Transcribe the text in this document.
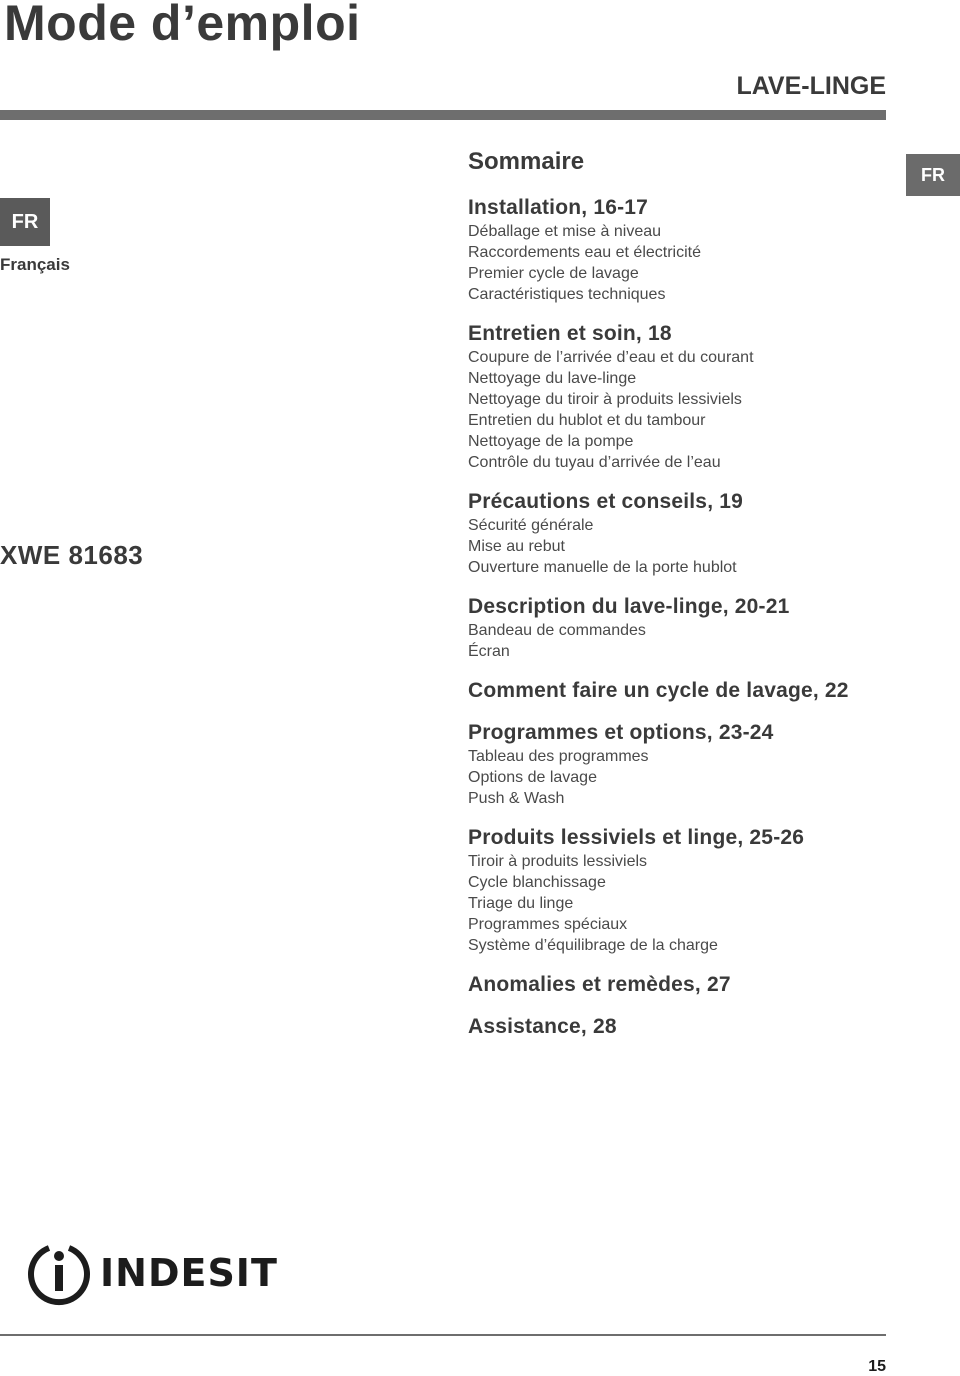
Mode d’emploi
LAVE-LINGE
FR
Français
XWE 81683
FR
Sommaire
Installation, 16-17
Déballage et mise à niveau
Raccordements eau et électricité
Premier cycle de lavage
Caractéristiques techniques
Entretien et soin, 18
Coupure de l’arrivée d’eau et du courant
Nettoyage du lave-linge
Nettoyage du tiroir à produits lessiviels
Entretien du hublot et du tambour
Nettoyage de la pompe
Contrôle du tuyau d’arrivée de l’eau
Précautions et conseils, 19
Sécurité générale
Mise au rebut
Ouverture manuelle de la porte hublot
Description du lave-linge, 20-21
Bandeau de commandes
Écran
Comment faire un cycle de lavage, 22
Programmes et options, 23-24
Tableau des programmes
Options de lavage
Push & Wash
Produits lessiviels et linge, 25-26
Tiroir à produits lessiviels
Cycle blanchissage
Triage du linge
Programmes spéciaux
Système d’équilibrage de la charge
Anomalies et remèdes, 27
Assistance, 28
INDESIT
15
